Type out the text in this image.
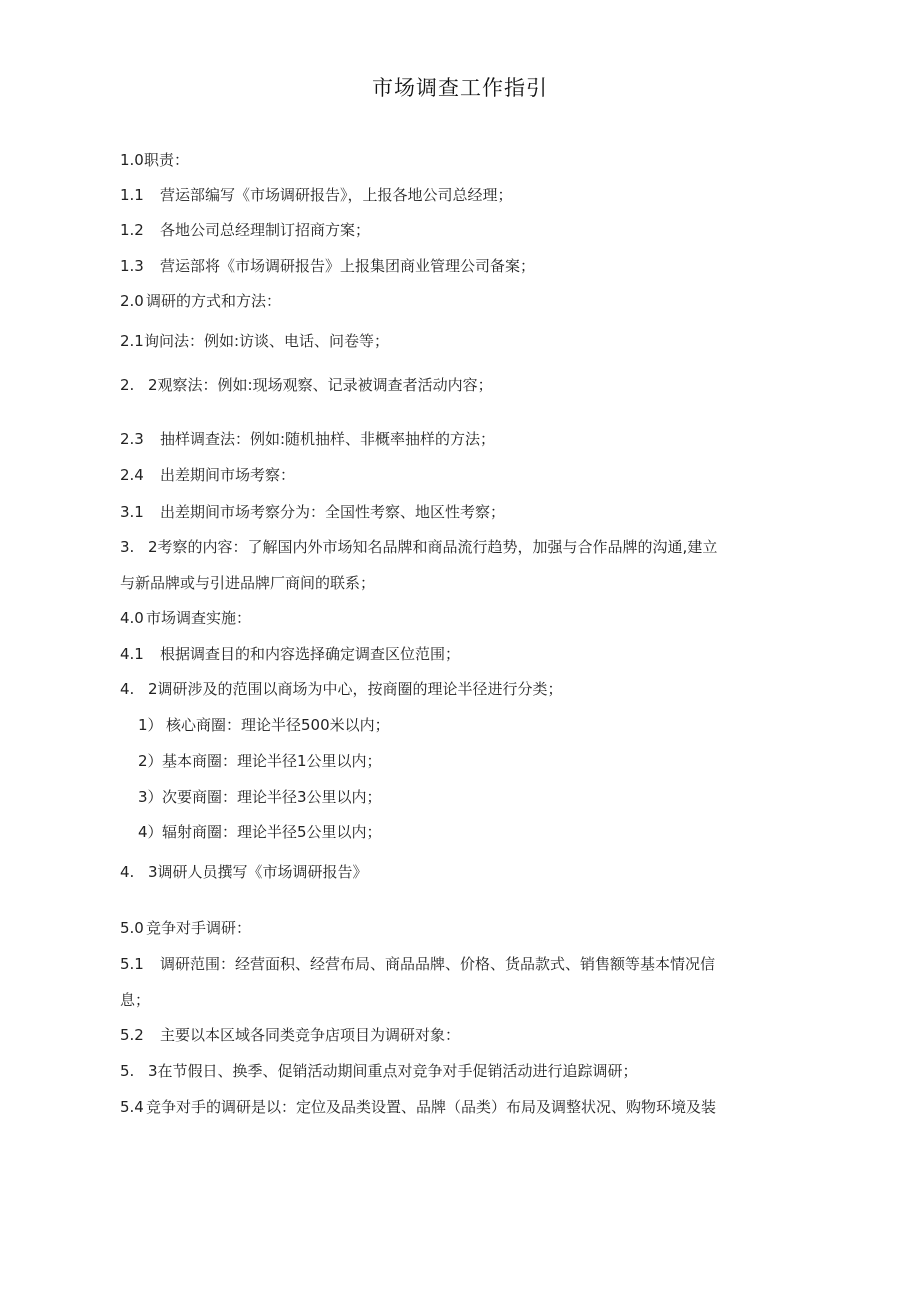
市场调查工作指引
1.0职责：
1.1 营运部编写《市场调研报告》，上报各地公司总经理；
1.2 各地公司总经理制订招商方案；
1.3 营运部将《市场调研报告》上报集团商业管理公司备案；
2.0 调研的方式和方法：
2.1询问法：例如:访谈、电话、问卷等；
2. 2观察法：例如:现场观察、记录被调查者活动内容；
2.3 抽样调查法：例如:随机抽样、非概率抽样的方法；
2.4 出差期间市场考察：
3.1 出差期间市场考察分为：全国性考察、地区性考察；
3. 2考察的内容：了解国内外市场知名品牌和商品流行趋势，加强与合作品牌的沟通,建立
与新品牌或与引进品牌厂商间的联系；
4.0 市场调查实施：
4.1 根据调查目的和内容选择确定调查区位范围；
4. 2调研涉及的范围以商场为中心，按商圈的理论半径进行分类；
1） 核心商圈：理论半径500米以内；
2）基本商圈：理论半径1公里以内；
3）次要商圈：理论半径3公里以内；
4）辐射商圈：理论半径5公里以内；
4. 3调研人员撰写《市场调研报告》
5.0 竞争对手调研：
5.1 调研范围：经营面积、经营布局、商品品牌、价格、货品款式、销售额等基本情况信
息；
5.2 主要以本区域各同类竞争店项目为调研对象：
5. 3在节假日、换季、促销活动期间重点对竞争对手促销活动进行追踪调研；
5.4 竞争对手的调研是以：定位及品类设置、品牌（品类）布局及调整状况、购物环境及装
